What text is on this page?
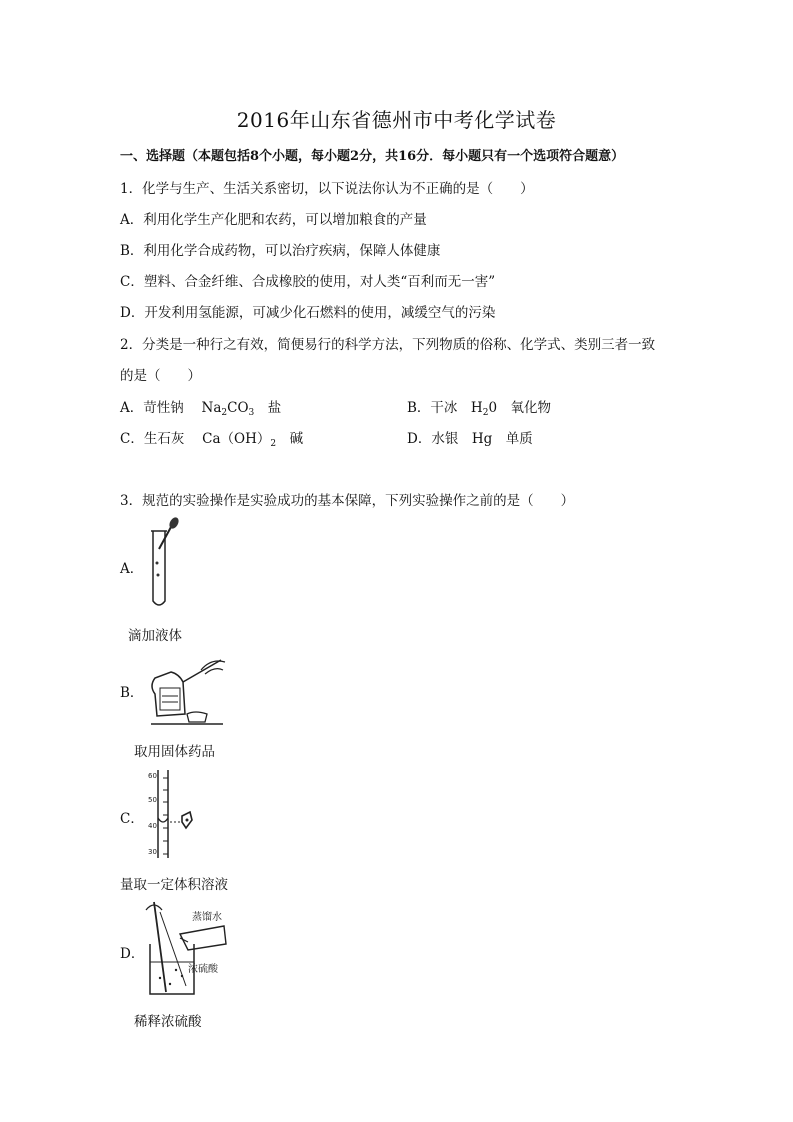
2016年山东省德州市中考化学试卷
一、选择题（本题包括8个小题，每小题2分，共16分．每小题只有一个选项符合题意）
1．化学与生产、生活关系密切，以下说法你认为不正确的是（　　）
A．利用化学生产化肥和农药，可以增加粮食的产量
B．利用化学合成药物，可以治疗疾病，保障人体健康
C．塑料、合金纤维、合成橡胶的使用，对人类“百利而无一害”
D．开发利用氢能源，可减少化石燃料的使用，减缓空气的污染
2．分类是一种行之有效，简便易行的科学方法，下列物质的俗称、化学式、类别三者一致
的是（　　）
A．苛性钠　 $Na_2CO_3$　盐	B．干冰　$H_20$　氧化物
C．生石灰　 $Ca(OH)_2$　碱	D．水银　Hg　单质
3．规范的实验操作是实验成功的基本保障，下列实验操作之前的是（　　）
A．
滴加液体
B．
取用固体药品
C．
60
50
40
30
量取一定体积溶液
D．
蒸馏水
浓硫酸
稀释浓硫酸
